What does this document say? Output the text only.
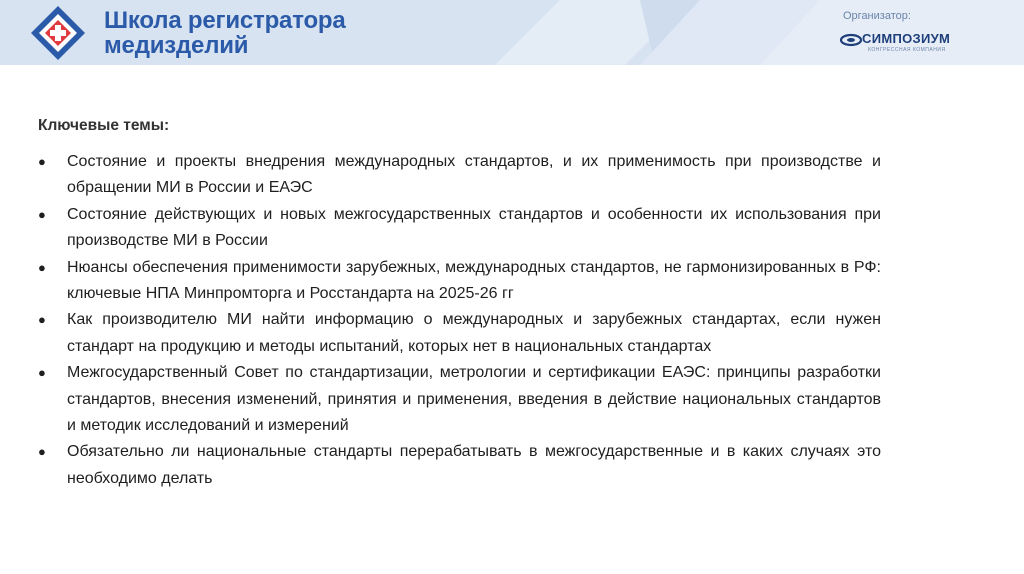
Школа регистратора
медизделий
Организатор:
СИМПОЗИУМ
КОНГРЕССНАЯ КОМПАНИЯ
Ключевые темы:
● Состояние и проекты внедрения международных стандартов, и их применимость при производстве и обращении МИ в России и ЕАЭС
● Состояние действующих и новых межгосударственных стандартов и особенности их использования при производстве МИ в России
● Нюансы обеспечения применимости зарубежных, международных стандартов, не гармонизированных в РФ: ключевые НПА Минпромторга и Росстандарта на 2025-26 гг
● Как производителю МИ найти информацию о международных и зарубежных стандартах, если нужен стандарт на продукцию и методы испытаний, которых нет в национальных стандартах
● Межгосударственный Совет по стандартизации, метрологии и сертификации ЕАЭС: принципы разработки стандартов, внесения изменений, принятия и применения, введения в действие национальных стандартов и методик исследований и измерений
● Обязательно ли национальные стандарты перерабатывать в межгосударственные и в каких случаях это необходимо делать
